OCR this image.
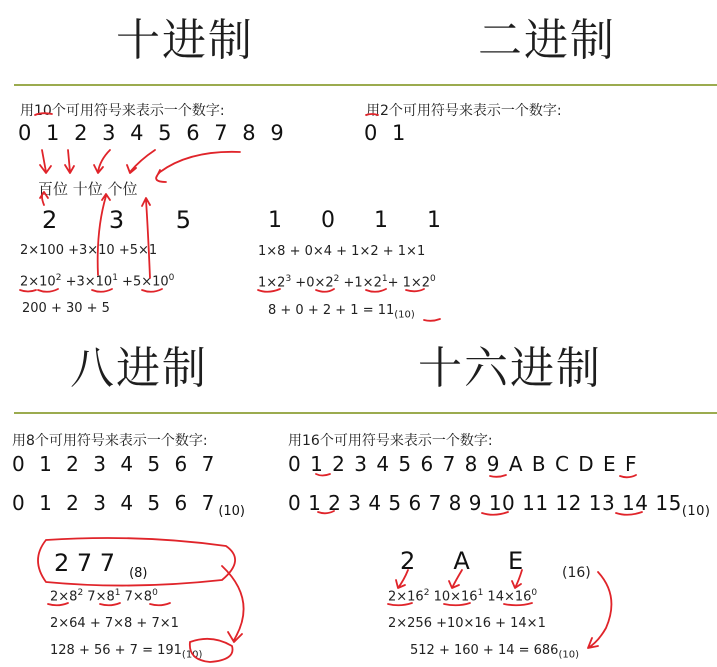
十进制	二进制
八进制	十六进制
用10个可用符号来表示一个数字:
0 1 2 3 4 5 6 7 8 9
百位 十位 个位
2 3 5
2×100 +3×10 +5×1
$2\times 10^2 +3\times 10^1 +5\times 10^0$
200 + 30 + 5
用2个可用符号来表示一个数字:
0 1
1 0 1 1
1×8 + 0×4 + 1×2 + 1×1
$1\times 2^3 +0\times 2^2 +1\times 2^1+ 1\times 2^0$
$8 + 0 + 2 + 1 = 11_{(10)}$
用8个可用符号来表示一个数字:
0 1 2 3 4 5 6 7
0 1 2 3 4 5 6 $7_{(10)}$
2 7 7 $_{(8)}$
$2\times 8^2$ $7\times 8^1$ $7\times 8^0$
2×64 + 7×8 + 7×1
$128 + 56 + 7 = 191_{(10)}$
用16个可用符号来表示一个数字:
0 1 2 3 4 5 6 7 8 9 A B C D E F
0 1 2 3 4 5 6 7 8 9 10 11 12 13 14 $15_{(10)}$
2     A     E	(16)
$2\times 16^2$ $10\times 16^1$ $14\times 16^0$
2×256 +10×16 + 14×1
$512 + 160 + 14 = 686_{(10)}$
